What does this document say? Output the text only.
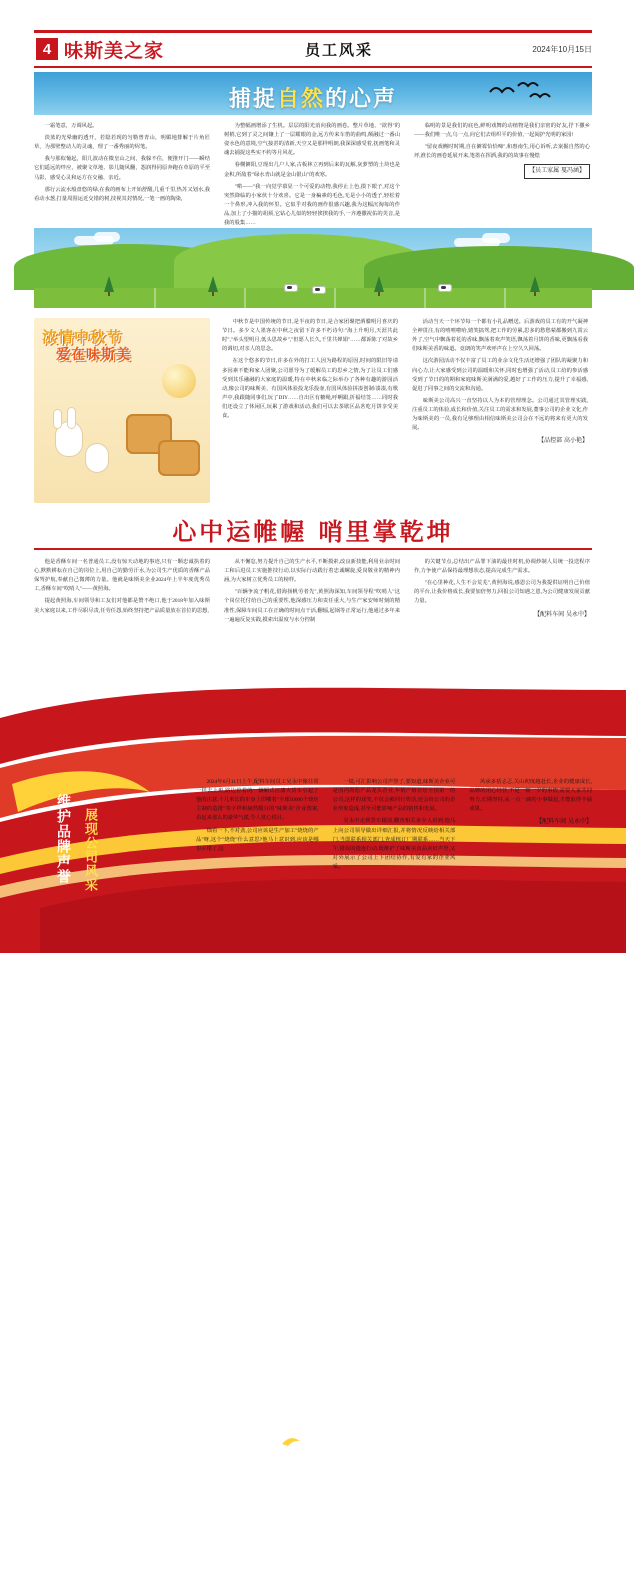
4 味斯美之家	员工风采	2024年10月15日
捕捉自然的心声

一霜笔意，万调风起。

淡蓝的光晕幽的透开，若隐若现的匀勒曾青山，明媚地排解于片角匠草，为那壁整动人的灵魂，理了一番秀丽的烬笔。

我与那似葡起，阳儿波动在微皇山之间，我躲不住，便推开门——瞬结它们遥远的绊应，被聚文草地、影儿随风翻，怨润得同原奔跑在草原的平至马影，感受心灵和运方在交融、亲近。

那行云流水般盘悠的绿,在我的画布上开始舒醒,几重千里,热苏又划水,我看动水葱,打量周围运近交错的树,技视其封情况,一笔一画的陶染,

为整幅画增添了生机。层层的阳光消向我的画卷。整片草地、"欲得"的树梢,它到了灵之间镶上了一层耀眼的金,远方传来车笛的曲鸣,颠融过一番山姿水色的意境,空气接甚的清新,天空又是那样明朗,我深深感受着,抚画笔和灵魂去捕捉这些实不约等月风花。

眷榭僻阳,豆现出几户人家,古板林立再到后来的瓦解,灰萝塑的土块也是金积,所敌着"绿水青山就是金山银山"的欢寒。

"喏——"我一向觉学慕显一个可爱的动物,我停止上色,摸下眼子,对这个突然降临的小家伙十分欢喜。它是一身褊素的毛色,无是小小的透子,轻松着一个鼻形,冲入我的怀里。它似乎对我的画作很感兴趣,我为这幅沉淘每的作品,加上了小猫的胡须,它钻心儿似的轻轻挨挨我的手,一齐遵撒祝佑的芙音,是我的股集……

临明的景是我们的底色,鲜明戏舞的动植物是我们亲密的好友,抒下撒乡——我们唯一点,乌一点,向它们去组织平的价值,一起阅护光明的家园!

"留夜戏槲时时期,自在僻霉恰恰啼",和惠南生,用心诉听,去嶪掘自然的心坪,淮长的画卷延展开来,笔墨在挥洒,我的的故事在慢煌

【员工家属 戛冯涵】
浓情中秋节
爱在味斯美

中秋节是中国传统的节日,是半夜的节日,是合家团聚把酒朦明月喜庆的节日。多少文人墨客在中秋之夜留下许多不朽诗句:"海上升明月,天涯共此时","举头望明月,低头思故乡","但愿人长久,千里共婵娟"……都诉陈了对故乡的调切,对亲人的思念。

在这个悠多的节日,许多在外的打工人因为路程的原因,时间的限旧等请多因素不能和家人团聚,公司愿导为了缓解员工的思乡之情,为了让员工们感受到其乐融融的大家庭的温暖,特在中秋来临之际举办了各种有趣的游园活动,像公司的味斯美、有国风体验投龙乐投壶,有国风体验拼凑创制/凑凑,有歌声中,我跟随同事们,玩了DIY……自出区有糖绳,呼啊跟,折福结签……同时我们还设立了休闲区,玩累了游戏和活动,我们可以去茶歇区品茗吃月饼享受美食。

活动当天一个环节每一个都有小礼品赠送。后游戏的员工有的开气凝神全神贯注,有的嘻嘻啦哈,嬉笑搞驾,把工作的劳累,思多的愁愁萦都搬到九霄云外了,空气中飘荡着花的香味,飘荡着欢声笑语,飘荡着月饼的香味,更飘荡看我们味斯美香的味道。竟朗的笑声欢呼声在上空久久回荡。

这次游园活动不仅丰富了员工的业余文化生活还增强了团队的凝聚力和向心力,让大家感受到公司的温暖和关怀,同时也增强了活动,员工给的参活感受到了节日的的期和家庭味斯美满满的爱,越好了工作的压力,提升了幸福感,促进了同事之间的交流和沟通。

味斯美公司高兴一直坚持以人为本的管理理念。公司通过其管理实践,注重员工的体验,成长和价值,关注员工的需求和发展,董事公司的企业文化,作为味斯美的一员,我有足够理由相信味斯美公司会在不远的将来有更大的发展。

【品控部 高小艳】
心中运帷幄 哨里掌乾坤

他是香酥车间一名普通员工,没有惊天动地的事迹,只有一颗忠诚执着的心,默默耕耘在自己的岗位上,用自己的勤劳汗水,为公司生产优质的香酥产品保驾护航,奉献自己微薄的力量。他就是味斯美企业2024年上半年度优秀员工,香酥车间"吹哨人"——黄照海。

提起黄照海,车间领导和工友们对他都是赞不绝口,他于2018年加入味斯美大家庭以来,工作尽职尽责,任劳任怨,始终坚持把产品质量放在首位的思想,

从不懈怠,努力提升自己的生产水平,不断摸索,改良新技能,利用业余时间工和后进员工实施推技行动,以实际行动践行着忠诚螺旋,爱岗敬业的精神内涵,为大家树立优秀员工的榜样。

"百辆争流子帆花,借海扬帆劳者先",黄照海深知,车间领导程"吹哨人"这个岗位托付给自己的重要性,他深感压力和责任重大,与生产家安师时刻的精准性,保障车间员工在正确的时间点干活,翻辐,起锅等正常运行,他通过多年来一遍遍反复实践,摸索出温度与水分控制

的关键节点,总结出产品罪下油的最佳时机,协调炒制人员统一投送程序作,力争使产品保持最理想状态,提高完成生产需求。

"在心里种花,人生不会荒芜",黄照海说,感恩公司为我提供证明自己价值的平台,让我价格成长,我要加倍努力,回报公司知遇之恩,为公司健康发展贡献力量。

【配料车间 吴永中】
味
维护品牌声誉 展现公司风采

2024年6月11日上午,配料车间员工吴永中像往常一样去上班,路边停着的一辆厢式汪漆大货车引起了他的注意,十几米长的车身上印嘟着"全球50000个烧坊主制的造排"等字样和赫然醒目的"味斯美"企业图案,看起来那么的豪华气派,令人赏心悦目。

细看一下,不对劲,公司应该是生产加工"烧烧的产品"呀,这个"烧烧"什么意思?他马上意识到,应该是哪里弄错了,这

一镜,可汇影响公司声誉了,要知道,味斯美企业可是国内肉松产品龙头企业,年销产值位居全国第一的公司,这样的戏笑,不仅会被同行笑话,还会给公司的企业形象造成,甚至可能影响产品的销售和发展。

吴永中走到货车跟前,翻查相关多少人看到,他马上向公司领导做出详细汇报,并将情况反映给相关部门,当即联系相关部门,查成核订厂期联系……当天下午,错误的遗连行动,既维护了味斯美食品卖好声誉,又对外展示了公司上下团结协作,有爱有家的企业风采。

风承多括忐忑,关山初度越赴长,企业的健康成长,品牌的用心经营,不是一朝一夕的事情,需要大家共同努力,长期坚持,从一点一滴的小事做起,才能取得丰硕成果。

【配料车间 吴永中】
